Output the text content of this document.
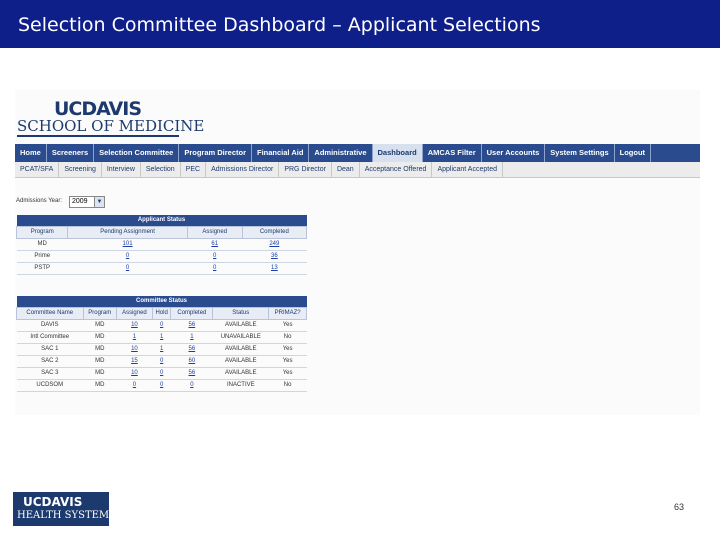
Selection Committee Dashboard – Applicant Selections
UCDAVIS
SCHOOL OF MEDICINE
Home	Screeners	Selection Committee	Program Director	Financial Aid	Administrative	Dashboard	AMCAS Filter	User Accounts	System Settings	Logout
PCAT/SFA	Screening	Interview	Selection	PEC	Admissions Director	PRG Director	Dean	Acceptance Offered	Applicant Accepted
Admissions Year:	2009	▼
Applicant Status			
Program	Pending Assignment	Assigned	Completed
MD	101	61	249
Prime	0	0	36
PSTP	0	0	13
Committee Status						
Committee Name	Program	Assigned	Hold	Completed	Status	PRIMAZ?
DAVIS	MD	10	0	56	AVAILABLE	Yes
Intl Committee	MD	1	1	1	UNAVAILABLE	No
SAC 1	MD	10	1	56	AVAILABLE	Yes
SAC 2	MD	15	0	60	AVAILABLE	Yes
SAC 3	MD	10	0	56	AVAILABLE	Yes
UCDSOM	MD	0	0	0	INACTIVE	No
UCDAVIS
HEALTH SYSTEM
63
